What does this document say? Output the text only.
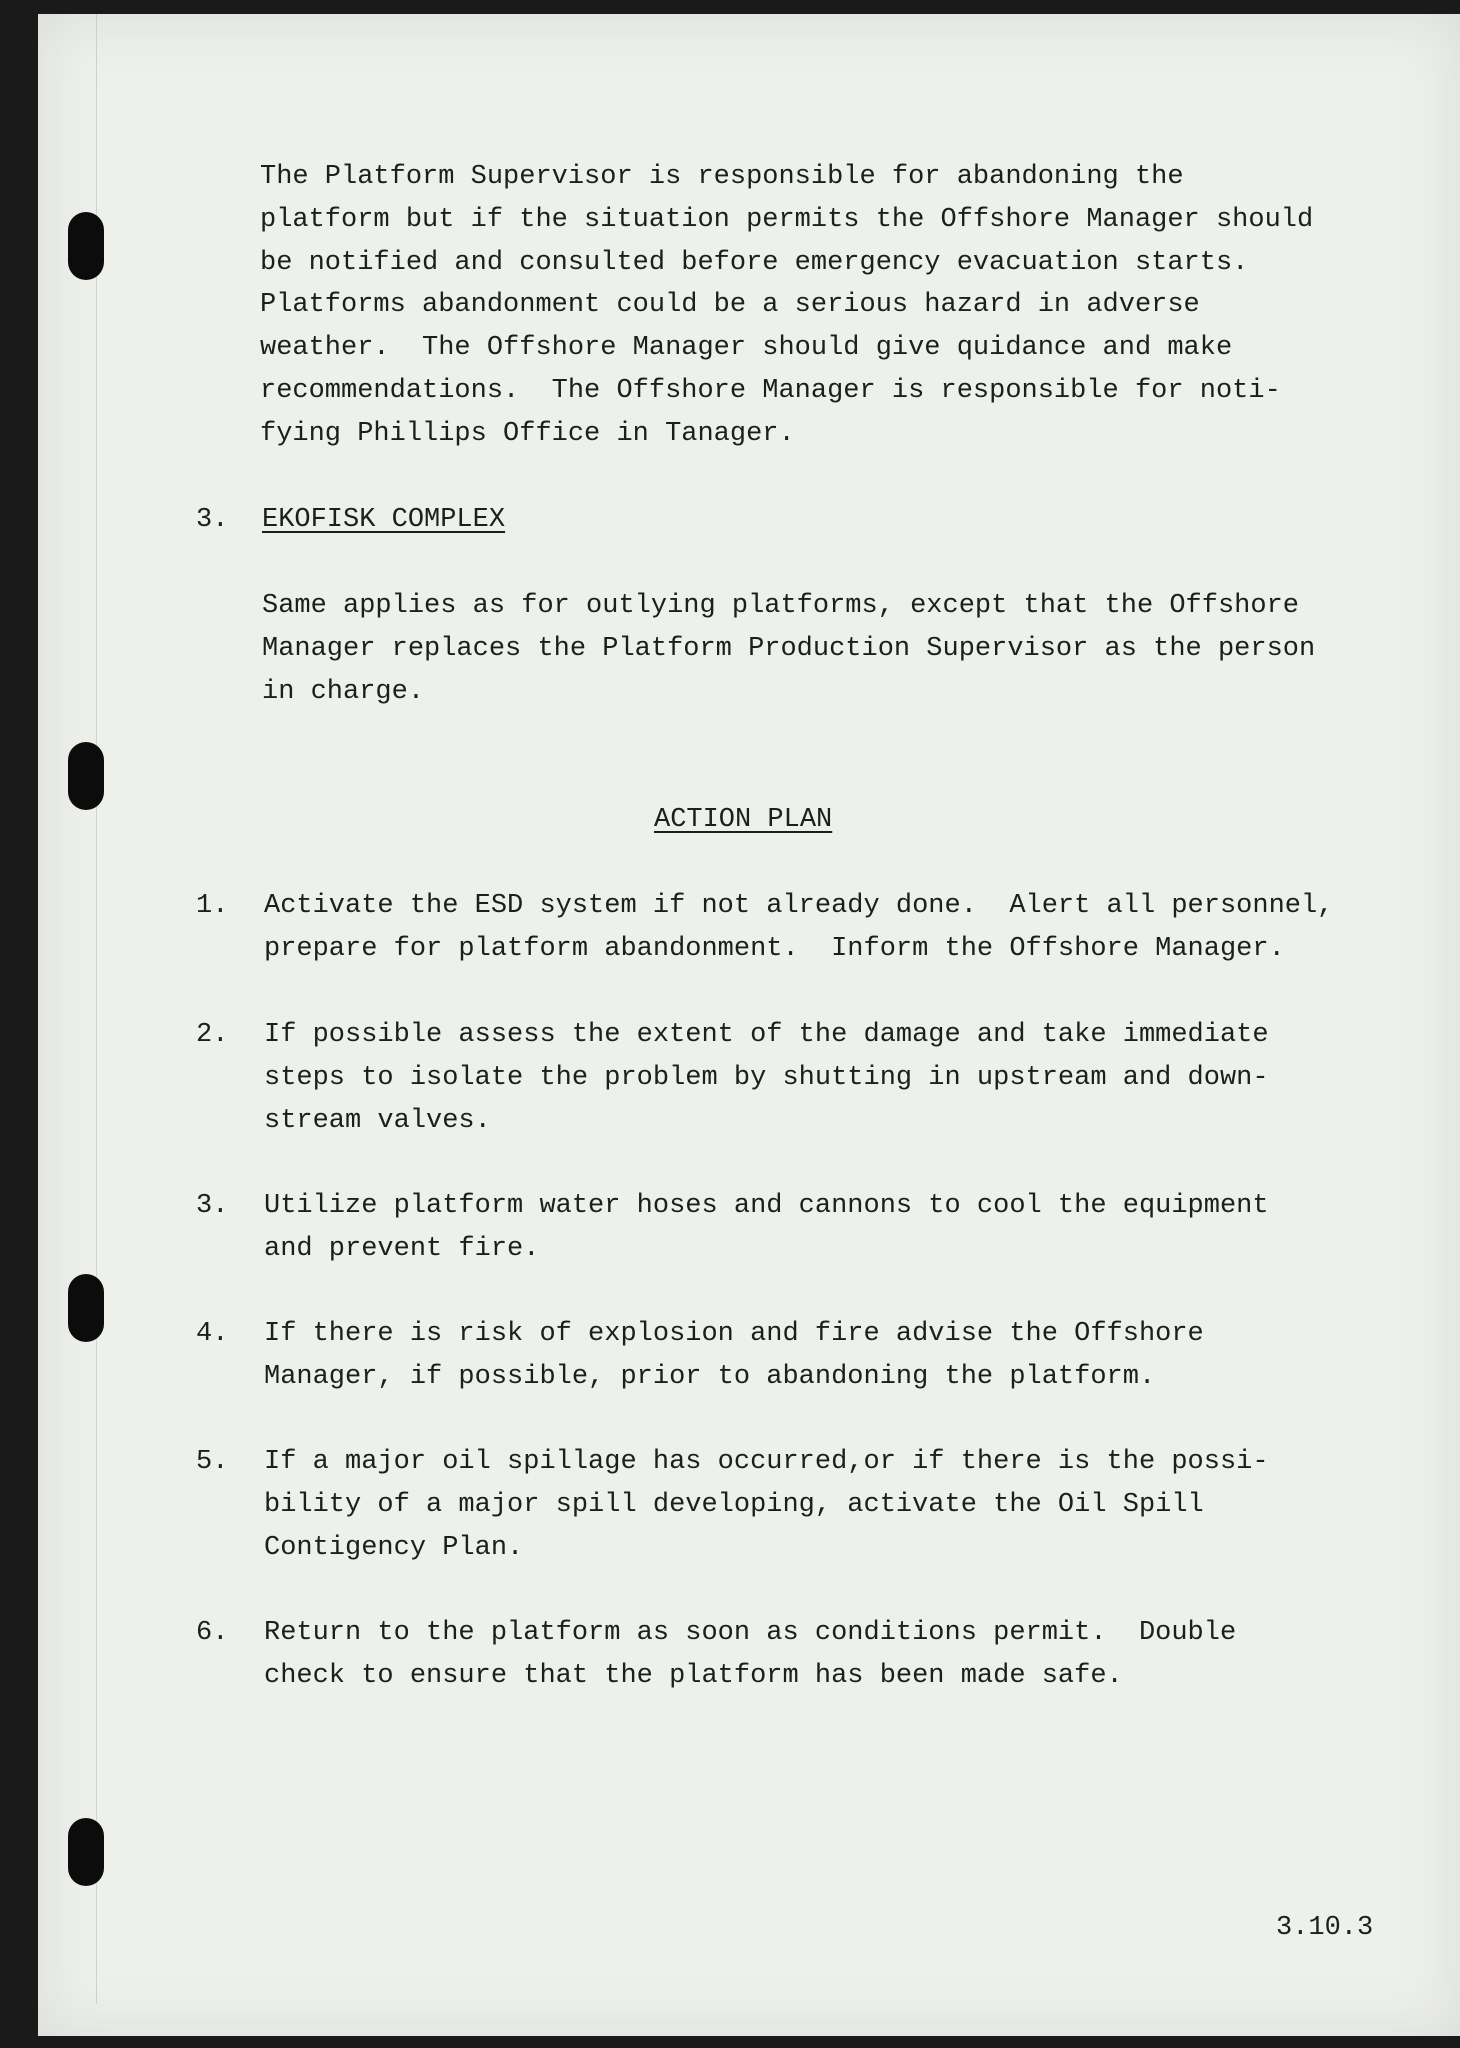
The Platform Supervisor is responsible for abandoning the
platform but if the situation permits the Offshore Manager should
be notified and consulted before emergency evacuation starts.
Platforms abandonment could be a serious hazard in adverse
weather.  The Offshore Manager should give quidance and make
recommendations.  The Offshore Manager is responsible for noti-
fying Phillips Office in Tanager.

3. EKOFISK COMPLEX

Same applies as for outlying platforms, except that the Offshore
Manager replaces the Platform Production Supervisor as the person
in charge.

ACTION PLAN
1. Activate the ESD system if not already done.  Alert all personnel,
prepare for platform abandonment.  Inform the Offshore Manager.

2. If possible assess the extent of the damage and take immediate
steps to isolate the problem by shutting in upstream and down-
stream valves.

3. Utilize platform water hoses and cannons to cool the equipment
and prevent fire.

4. If there is risk of explosion and fire advise the Offshore
Manager, if possible, prior to abandoning the platform.

5. If a major oil spillage has occurred,or if there is the possi-
bility of a major spill developing, activate the Oil Spill
Contigency Plan.

6. Return to the platform as soon as conditions permit.  Double
check to ensure that the platform has been made safe.

3.10.3
